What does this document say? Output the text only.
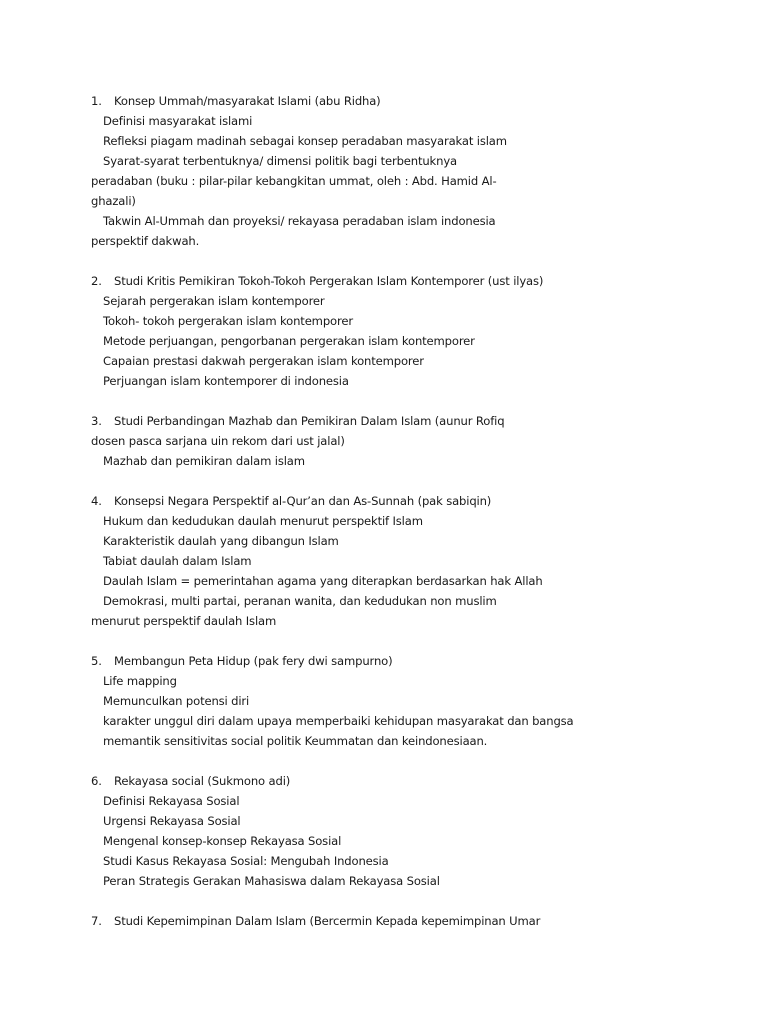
1.	Konsep Ummah/masyarakat Islami (abu Ridha)
Definisi masyarakat islami
Refleksi piagam madinah sebagai konsep peradaban masyarakat islam
Syarat-syarat terbentuknya/ dimensi politik bagi terbentuknya
peradaban (buku : pilar-pilar kebangkitan ummat, oleh : Abd. Hamid Al-
ghazali)
Takwin Al-Ummah dan proyeksi/ rekayasa peradaban islam indonesia
perspektif dakwah.
2.	Studi Kritis Pemikiran Tokoh-Tokoh Pergerakan Islam Kontemporer (ust ilyas)
Sejarah pergerakan islam kontemporer
Tokoh- tokoh pergerakan islam kontemporer
Metode perjuangan, pengorbanan pergerakan islam kontemporer
Capaian prestasi dakwah pergerakan islam kontemporer
Perjuangan islam kontemporer di indonesia
3.	Studi Perbandingan Mazhab dan Pemikiran Dalam Islam (aunur Rofiq
dosen pasca sarjana uin rekom dari ust jalal)
Mazhab dan pemikiran dalam islam
4.	Konsepsi Negara Perspektif al-Qur’an dan As-Sunnah (pak sabiqin)
Hukum dan kedudukan daulah menurut perspektif Islam
Karakteristik daulah yang dibangun Islam
Tabiat daulah dalam Islam
Daulah Islam = pemerintahan agama yang diterapkan berdasarkan hak Allah
Demokrasi, multi partai, peranan wanita, dan kedudukan non muslim
menurut perspektif daulah Islam
5.	Membangun Peta Hidup (pak fery dwi sampurno)
Life mapping
Memunculkan potensi diri
karakter unggul diri dalam upaya memperbaiki kehidupan masyarakat dan bangsa
memantik sensitivitas social politik Keummatan dan keindonesiaan.
6.	Rekayasa social (Sukmono adi)
Definisi Rekayasa Sosial
Urgensi Rekayasa Sosial
Mengenal konsep-konsep Rekayasa Sosial
Studi Kasus Rekayasa Sosial: Mengubah Indonesia
Peran Strategis Gerakan Mahasiswa dalam Rekayasa Sosial
7.	Studi Kepemimpinan Dalam Islam (Bercermin Kepada kepemimpinan Umar
